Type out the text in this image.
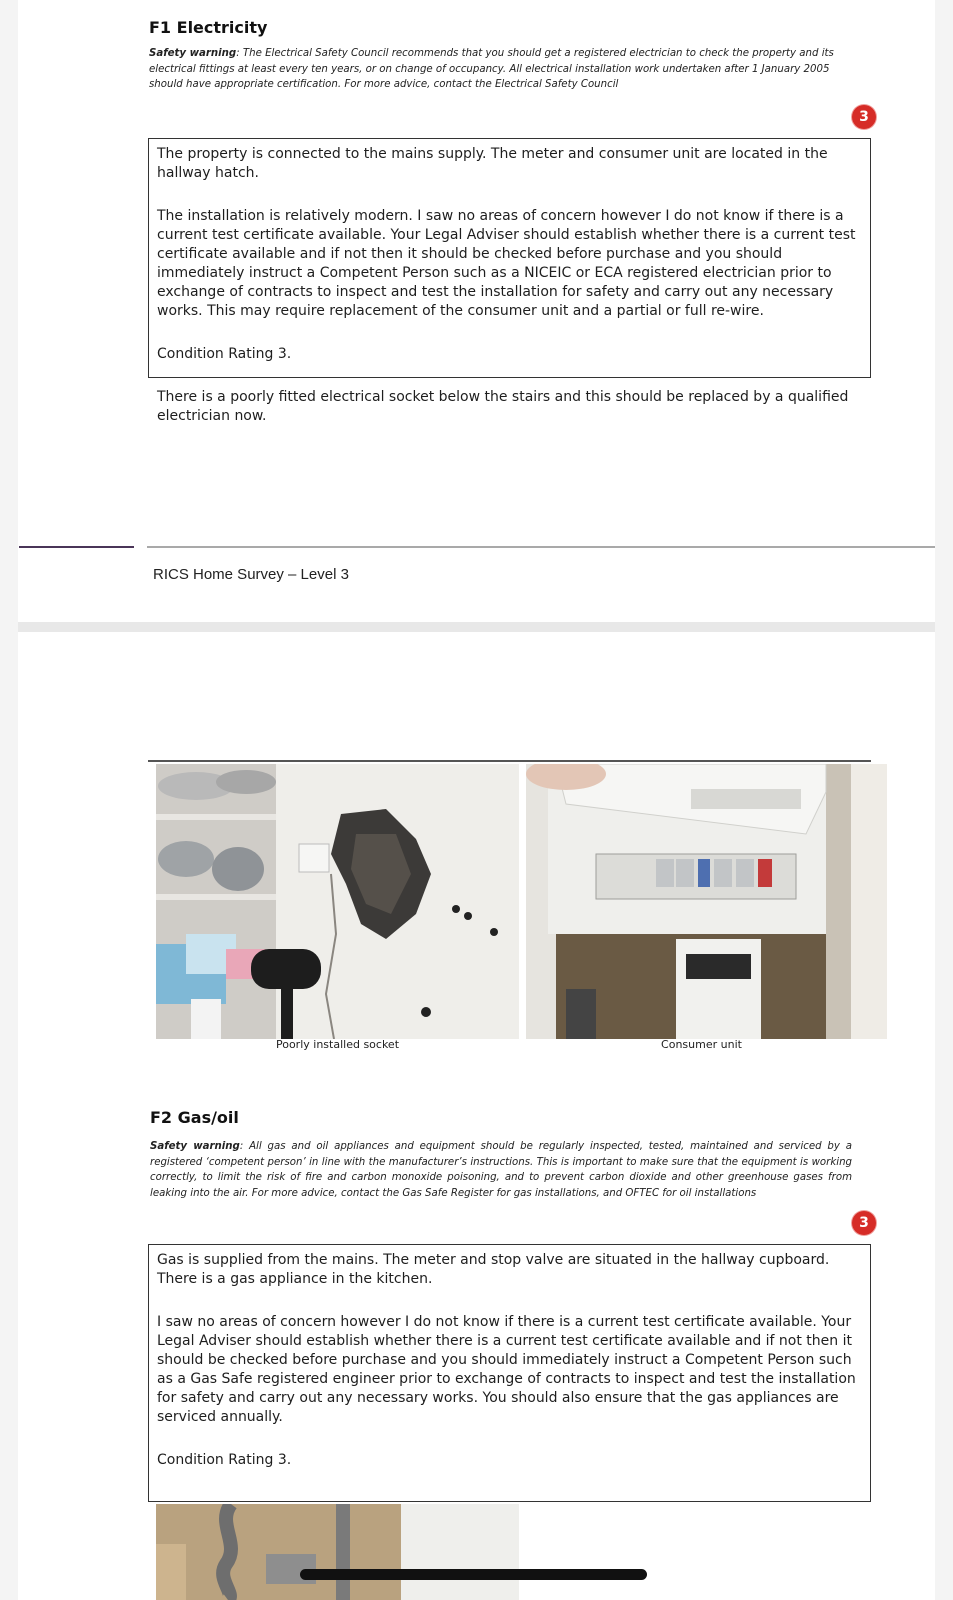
F1 Electricity
Safety warning: The Electrical Safety Council recommends that you should get a registered electrician to check the property and its electrical fittings at least every ten years, or on change of occupancy. All electrical installation work undertaken after 1 January 2005 should have appropriate certification. For more advice, contact the Electrical Safety Council
3

The property is connected to the mains supply. The meter and consumer unit are located in the hallway hatch.

The installation is relatively modern. I saw no areas of concern however I do not know if there is a current test certificate available. Your Legal Adviser should establish whether there is a current test certificate available and if not then it should be checked before purchase and you should immediately instruct a Competent Person such as a NICEIC or ECA registered electrician prior to exchange of contracts to inspect and test the installation for safety and carry out any necessary works. This may require replacement of the consumer unit and a partial or full re-wire.

Condition Rating 3.

There is a poorly fitted electrical socket below the stairs and this should be replaced by a qualified electrician now.

RICS Home Survey – Level 3
Poorly installed socket	Consumer unit
F2 Gas/oil
Safety warning: All gas and oil appliances and equipment should be regularly inspected, tested, maintained and serviced by a registered ‘competent person’ in line with the manufacturer’s instructions. This is important to make sure that the equipment is working correctly, to limit the risk of fire and carbon monoxide poisoning, and to prevent carbon dioxide and other greenhouse gases from leaking into the air. For more advice, contact the Gas Safe Register for gas installations, and OFTEC for oil installations
3

Gas is supplied from the mains. The meter and stop valve are situated in the hallway cupboard. There is a gas appliance in the kitchen.

I saw no areas of concern however I do not know if there is a current test certificate available. Your Legal Adviser should establish whether there is a current test certificate available and if not then it should be checked before purchase and you should immediately instruct a Competent Person such as a Gas Safe registered engineer prior to exchange of contracts to inspect and test the installation for safety and carry out any necessary works. You should also ensure that the gas appliances are serviced annually.

Condition Rating 3.
